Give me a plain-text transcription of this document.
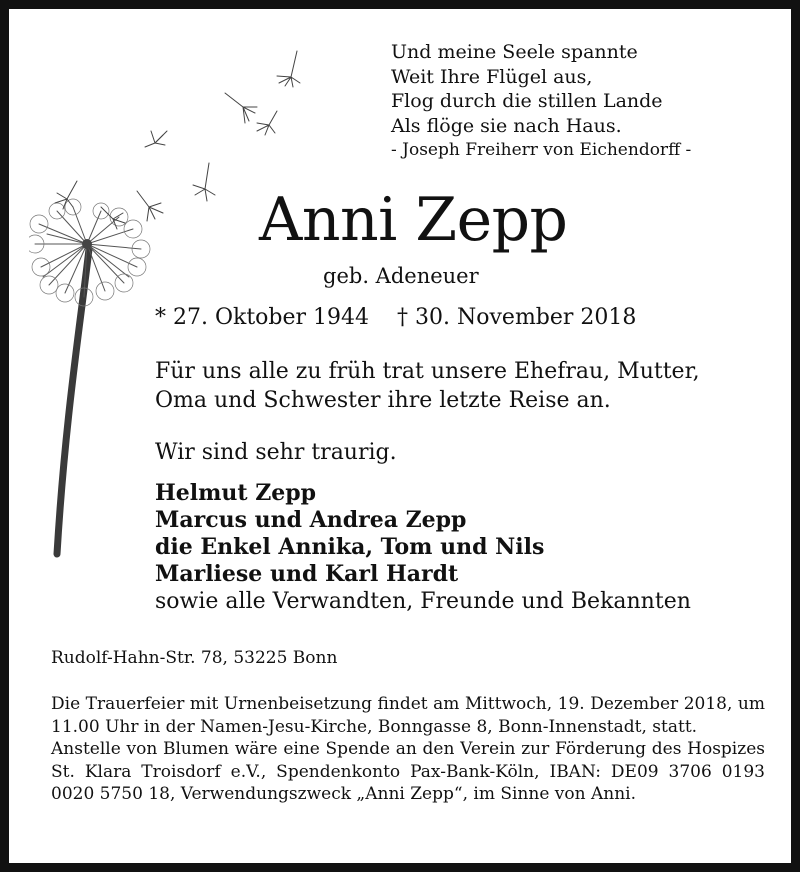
Und meine Seele spannte
Weit Ihre Flügel aus,
Flog durch die stillen Lande
Als flöge sie nach Haus.
- Joseph Freiherr von Eichendorff -
Anni Zepp
geb. Adeneuer
* 27. Oktober 1944 † 30. November 2018
Für uns alle zu früh trat unsere Ehefrau, Mutter,
Oma und Schwester ihre letzte Reise an.
Wir sind sehr traurig.
Helmut Zepp
Marcus und Andrea Zepp
die Enkel Annika, Tom und Nils
Marliese und Karl Hardt
sowie alle Verwandten, Freunde und Bekannten
Rudolf-Hahn-Str. 78, 53225 Bonn

Die Trauerfeier mit Urnenbeisetzung findet am Mittwoch, 19. Dezember 2018, um 11.00 Uhr in der Namen-Jesu-Kirche, Bonngasse 8, Bonn-Innenstadt, statt.

Anstelle von Blumen wäre eine Spende an den Verein zur Förderung des Hospizes St. Klara Troisdorf e.V., Spendenkonto Pax-Bank-Köln, IBAN: DE09 3706 0193 0020 5750 18, Verwendungszweck „Anni Zepp“, im Sinne von Anni.
